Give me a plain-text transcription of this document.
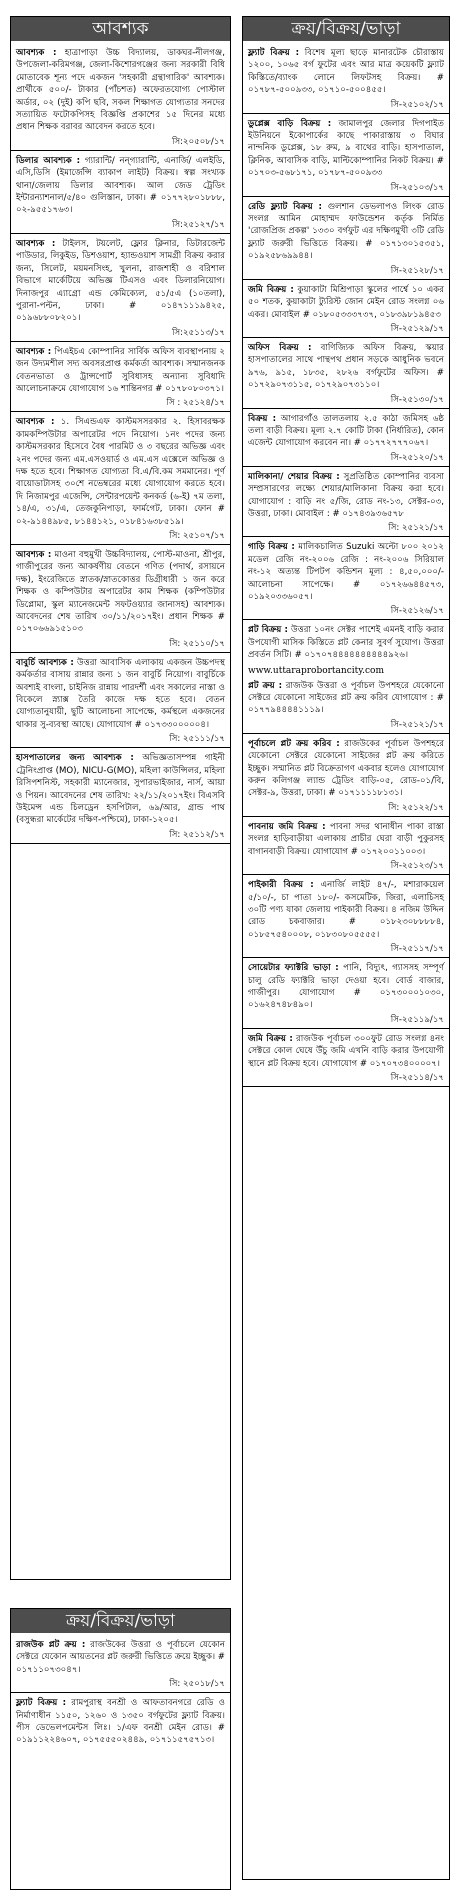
আবশ্যক

আবশ্যক : হাত্রাপাড়া উচ্চ বিদ্যালয়, ডাকঘর-নীলগঞ্জ, উপজেলা-করিমগঞ্জ, জেলা-কিশোরগঞ্জের জন্য সরকারী বিধি মোতাবেক শূন্য পদে একজন 'সহকারী গ্রন্থাগারিক' আবশ্যক। প্রার্থীকে ৫০০/- টাকার (পাঁচশত) অফেরতযোগ্য পোস্টাল অর্ডার, ০২ (দুই) কপি ছবি, সকল শিক্ষাগত যোগ্যতার সনদের সত্যায়িত ফটোকপিসহ বিজ্ঞপ্তি প্রকাশের ১৫ দিনের মধ্যে প্রধান শিক্ষক বরাবর আবেদন করতে হবে।

সি:২০৫০৮/১৭

ডিলার আবশ্যক : গ্যারান্টি/ নন্‌গ্যারান্টি, এনার্জি/ এলইডি, এসি,ডিসি (ইমার্জেন্সি ব্যাকাপ লাইট) বিক্রয়। স্বল্প সংখ্যক থানা/জেলায় ডিলার আবশ্যক। আল জেড ট্রেডিং ইন্টারন্যাশনাল/৫/৪০ গুলিস্তান, ঢাকা। # ০১৭৭২৮০১৮৮৮, ০২-৯৫৫১৭৬৩।

সি:২৫১২৭/১৭

আবশ্যক : টাইলস, টয়লেট, ফ্লোর ক্লিনার, ডিটারজেন্ট পাউডার, লিকুইড, ডিশওয়াশ, হ্যান্ডওয়াশ সামগ্রী বিক্রয় করার জন্য, সিলেট, ময়মনসিংহ, খুলনা, রাজশাহী ও বরিশাল বিভাগে মার্কেটিয়ে অভিজ্ঞ টিএসও এবং ডিলারনিয়োগ। দিনাজপুর এ্যাগ্রো এন্ড কেমিক্যেল, ৫১/৫এ (১০তলা), পুরানা-পল্টন, ঢাকা। # ০১৪৭১১১৯৪২৫, ০১৯৬৮৮০৮২০১।

সি:২৫১১৩/১৭

আবশ্যক : পিএইচএ কোম্পানির সার্বিক অফিস ব্যবস্থাপনায় ২ জন উদ্যমশীল সদ্য অবসরপ্রাপ্ত কর্মকর্তা আবশ্যক। সম্মানজনক বেতনভাতা ও ট্রান্সপোর্ট সুবিধাসহ অন্যান্য সুবিধাদি আলোচনাক্রমে যোগাযোগ ১৬ শান্তিনগর # ০১৭৮০৮০৩৭১।

সি : ২৫১২৪/১৭

আবশ্যক : ১. সিএন্ডএফ কাস্টমসসরকার ২. হিসাবরক্ষক কামকম্পিউটার অপারেটর পদে নিয়োগ। ১নং পদের জন্য কাস্টমসরকার হিসেবে বৈধ পারমিট ও ৩ বছরের অভিজ্ঞ এবং ২নং পদের জন্য এম.এসওয়ার্ড ও এম.এস এক্সেলে অভিজ্ঞ ও দক্ষ হতে হবে। শিক্ষাগত যোগ্যতা বি.এ/বি.কম সমমানের। পূর্ণ বায়োডাটাসহ ৩০শে নভেম্বরের মধ্যে যোগাযোগ করতে হবে। দি নিজামপুর এজেন্সি, সেন্টারপয়েন্ট কনকর্ড (৬-ই) ৭ম তলা, ১৪/এ, ৩১/এ, তেজকুনিপাড়া, ফার্মগেট, ঢাকা। ফোন # ০২-৯১৪৪৯৮৫, ৮১৪৪১২১, ০১৮৪১৬৩৮৫১৯।

সি: ২৫১০৭/১৭

আবশ্যক : মাওনা বহুমুখী উচ্চবিদ্যালয়, পোস্ট-মাওনা, শ্রীপুর, গাজীপুরের জন্য আকর্ষণীয় বেতনে গণিত (পদার্থ, রসায়নে দক্ষ), ইংরেজিতে স্নাতক/স্নাতকোত্তর ডিগ্রীধারী ১ জন করে শিক্ষক ও কম্পিউটার অপারেটর কাম শিক্ষক (কম্পিউটার ডিপ্লোমা, স্কুল ম্যানেজমেন্ট সফটওয়্যার জানাসহ) আবশ্যক। আবেদনের শেষ তারিখ ৩০/১১/২০১৭ইং। প্রধান শিক্ষক # ০১৭০৬৬৯১৫১০৩

সি: ২৫১১০/১৭

বাবুর্চি আবশ্যক : উত্তরা আবাসিক এলাকায় একজন উচ্চপদস্থ কর্মকর্তার বাসায় রান্নার জন্য ১ জন বাবুর্চি নিয়োগ। বাবুর্চিকে অবশ্যই বাংলা, চাইনিজ রান্নায় পারদর্শী এবং সকালের নাস্তা ও বিকেলে স্ন্যাক্স তৈরি কাজে দক্ষ হতে হবে। বেতন যোগ্যতানুযায়ী, ছুটি আলোচনা সাপেক্ষে, কর্মস্থলে একজনের থাকার সু-ব্যবস্থা আছে। যোগাযোগ # ০১৭৩৩০০০০০৪।

সি: ২৫১১১/১৭

হাসপাতালের জন্য আবশ্যক : অভিজ্ঞতাসম্পন্ন গাইনী ট্রেনিংপ্রাপ্ত (MO), NICU-G(MO), মহিলা কাউন্সিলর, মহিলা রিসিপশনিস্ট, সহকারী ম্যানেজার, সুপারভাইজার, নার্স, আয়া ও পিয়ন। আবেদনের শেষ তারিখ: ২২/১১/২০১৭ইং। বিএসবি উইমেন্স এন্ড চিলড্রেন হসপিটাল, ৬৯/আর, গ্রান্ড পাথ (বসুন্ধরা মার্কেটের দক্ষিণ-পশ্চিমে), ঢাকা-১২০৫।

সি: ২৫১১২/১৭
ক্রয়/বিক্রয়/ভাড়া

রাজউক প্লট ক্রয় : রাজউকের উত্তরা ও পূর্বাচলে যেকোন সেক্টরে যেকোন আয়তনের প্লট জরুরী ভিত্তিতে ক্রয়ে ইচ্ছুক। # ০১৭১১০৭৩০৪৭।

সি: ২৫০১৮/১৭

ফ্ল্যাট বিক্রয় : রামপুরাস্থ বনশ্রী ও আফতাবনগরে রেডি ও নির্মাণাধীন ১১৫০, ১২৬০ ও ১৩৫০ বর্গফুটের ফ্ল্যাট বিক্রয়। পীস ডেভেলপমেন্টস লিঃ। ১/এফ বনশ্রী মেইন রোড। # ০১৯১১২২৪৬০৭, ০১৭৫৫৫০২৪৪৯, ০১৭১১৫৭৫৭১৩।

ক্রয়/বিক্রয়/ভাড়া

ফ্ল্যাট বিক্রয় : বিশেষ মূল্য ছাড়ে মানারটেক চৌরাস্তায় ১২০০, ১০৬৫ বর্গ ফুটের এবং আর মাত্র কয়েকটি ফ্ল্যাট কিস্তিতে/ব্যাংক লোনে লিফটসহ বিক্রয়। # ০১৭৮৭-৫০০৯৩৩, ০১৭১০-৫০০৪৫৫।

সি-২৫১০২/১৭

ডুপ্লেক্স বাড়ি বিক্রয় : জামালপুর জেলার দিগপাইত ইউনিয়নে ইকোপার্কের কাছে পাকারাস্তায় ৩ বিঘার নান্দনিক ডুপ্লেক্স, ১৮ রুম, ৯ বাথের বাড়ি। হাসপাতাল, ক্লিনিক, আবাসিক বাড়ি, মাল্টিকোম্পানির নিকট বিক্রয়। # ০১৭০৩-৫৬৮১৭১, ০১৭৮৭-৫০০৯৩৩

সি-২৫১০৩/১৭

রেডি ফ্ল্যাট বিক্রয় : গুলশান ডেভলাপও লিংক রোড সংলগ্ন আমিন মোহাম্মদ ফাউন্ডেশন কর্তৃক নির্মিত 'রোজপ্রিজ প্রকল্প' ১৩৩০ বর্গফুট এর দক্ষিণমুখী ৩টি রেডি ফ্ল্যাট জরুরী ভিত্তিতে বিক্রয়। # ০১৭১৩০১৫৩৫১, ০১৯২৫৮৬৯৯৪৪।

সি-২৫১২৮/১৭

জমি বিক্রয় : কুয়াকাটা মিশ্রিপাড়া স্কুলের পার্শ্বে ১০ একর ৫০ শতক, কুয়াকাটা ট্যুরিস্ট জোন মেইন রোড সংলগ্ন ০৬ একর। মোবাইল # ০১৮০৫৩৩৩৭৩৭, ০১৮৩৯৮১৯৪৫৩

সি-২৫১২৯/১৭

অফিস বিক্রয় : বাণিজ্যিক অফিস বিক্রয়, স্কয়ার হাসপাতালের সাথে পান্থপথ প্রধান সড়কে আধুনিক ভবনে ৯৭৬, ৯১৫, ১৮৩৫, ২৮২৬ বর্গফুটের অফিস। # ০১৭২৯০৭৩১১৫, ০১৭২৯০৭৩১১০।

সি-২৫১৩০/১৭

বিক্রয় : আগারগাঁও তালতলায় ২.৫ কাঠা জমিসহ ৬ষ্ঠ তলা বাড়ী বিক্রয়। মূল্য ২.৭ কোটি টাকা (নির্ধারিত), কোন এজেন্ট যোগাযোগ করবেন না। # ০১৭৭২৭৭৭০৬৭।

সি-২৫১২০/১৭

মালিকানা/ শেয়ার বিক্রয় : সুপ্রতিষ্ঠিত কোম্পানির ব্যবসা সম্প্রসারণের লক্ষ্যে শেয়ার/মালিকানা বিক্রয় করা হবে। যোগাযোগ : বাড়ি নং ৫/জি, রোড নং-১৩, সেক্টর-০৩, উত্তরা, ঢাকা। মোবাইল : # ০১৭৪৩৯৩৬৫৭৮

সি: ২৫১২১/১৭

গাড়ি বিক্রয় : মালিকচালিত Suzuki অল্টো ৮০০ ২০১২ মডেল রেজি নং-২০০৬ রেজি : নং-২০০৬ সিরিয়াল নং-১২ অত্যন্ত টিপটপ কন্ডিশন মূল্য : ৪,৫০,০০০/- আলোচনা সাপেক্ষে। # ০১৭২৬৬৪৪৫৭৩, ০১৯২০৩৩৬০৫৭।

সি-২৫১২৬/১৭

প্লট বিক্রয় : উত্তরা ১০নং সেক্টর পাশেই এমনই বাড়ি করার উপযোগী মাসিক কিস্তিতে প্লট কেনার সুবর্ণ সুযোগ। উত্তরা প্রবর্তন সিটি। # ০১৭০৭৪৪৪৪৪৪৪৪৪৪৯২৬।

www.uttaraprobortancity.com

প্লট ক্রয় : রাজউক উত্তরা ও পূর্বাচল উপশহরে যেকোনো সেক্টরে যেকোনো সাইজের প্লট ক্রয় করিব যোগাযোগ : # ০১৭৭৯৪৪৪৪১১১৯।

সি-২৫১২১/১৭

পূর্বাচলে প্লট ক্রয় করিব : রাজউকের পূর্বাচল উপশহরে যেকোনো সেক্টরে যেকোনো সাইজের প্লট ক্রয় করিতে ইচ্ছুক। সম্মানিত প্লট বিক্রেতাগণ একবার হলেও যোগাযোগ করুন কলিগঞ্জ ল্যান্ড ট্রেডিং বাড়ি-০৫, রোড-০১/বি, সেক্টর-৯, উত্তরা, ঢাকা। # ০১৭১১১১৮১৩১।

সি: ২৫১২২/১৭

পাবনায় জমি বিক্রয় : পাবনা সদর থানাধীন পাকা রাস্তা সংলগ্ন হাড়িবাড়ীয়া এলাকায় প্রাচীর ঘেরা বাড়ী পুকুরসহ বাগানবাড়ী বিক্রয়। যোগাযোগ # ০১৭২০০১১০০৩।

সি-২৫১২৩/১৭

পাইকারী বিক্রয় : এনার্জি লাইট ৪৭/-, মশারাকয়েল ৫/১০/-, চা পাতা ১৮০/- কসমেটিক, জিরা, এলাচিসহ ৩০টি পণ্য যাকা জেলায় পাইকারী বিক্রয়। ৪ নজিম উদ্দিন রোড চকবাজার। # ০১৮২৩০৮৮৮৮৪, ০১৮৫৭৫৪০০০৮, ০১৮৩০৮০৫৫৫৫।

সি-২৫১১৭/১৭

সোয়েটার ফ্যাক্টরি ভাড়া : পানি, বিদ্যুৎ, গ্যাসসহ সম্পূর্ণ চালু রেডি ফ্যাক্টরি ভাড়া দেওয়া হবে। বোর্ড বাজার, গাজীপুর। যোগাযোগ # ০১৭৩০০০১০৩০, ০১৬২৪৭৪৮৪৯০।

সি-২৫১১৯/১৭

জমি বিক্রয় : রাজউক পূর্বাচল ৩০০ফুট রোড সংলগ্ন ৪নং সেক্টরে কোল ঘেষে উঁচু জমি এখনি বাড়ি করার উপযোগী স্থানে প্লট বিক্রয় হবে। যোগাযোগ # ০১৭০৭৩৪০০০০৭।

সি-২৫১১৪/১৭
